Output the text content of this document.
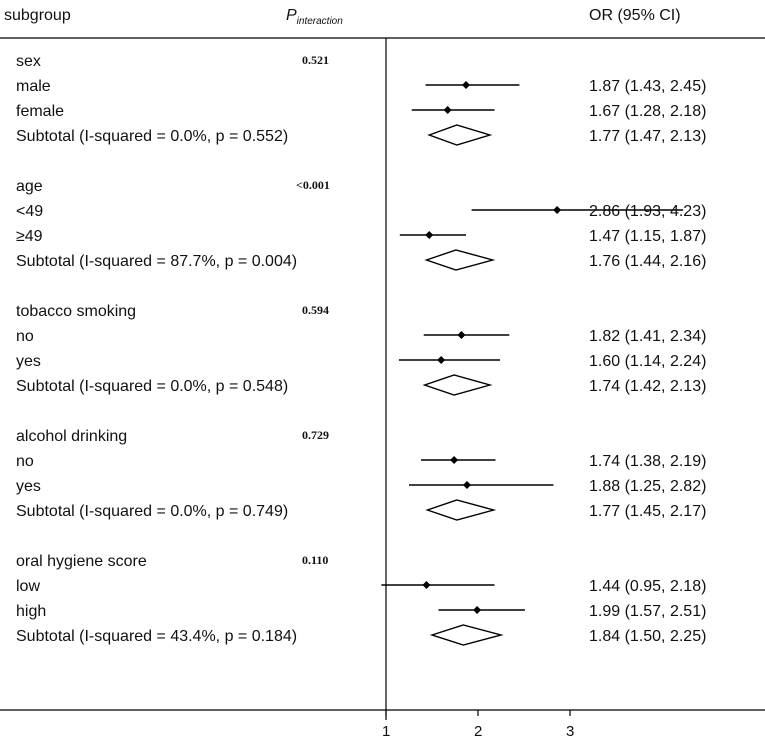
subgroup	$P_{interaction}$	OR (95% CI)
1	2	3
sex	0.521
male	1.87 (1.43, 2.45)
female	1.67 (1.28, 2.18)
Subtotal (I-squared = 0.0%, p = 0.552)	1.77 (1.47, 2.13)
age	<0.001
<49	2.86 (1.93, 4.23)
≥49	1.47 (1.15, 1.87)
Subtotal (I-squared = 87.7%, p = 0.004)	1.76 (1.44, 2.16)
tobacco smoking	0.594
no	1.82 (1.41, 2.34)
yes	1.60 (1.14, 2.24)
Subtotal (I-squared = 0.0%, p = 0.548)	1.74 (1.42, 2.13)
alcohol drinking	0.729
no	1.74 (1.38, 2.19)
yes	1.88 (1.25, 2.82)
Subtotal (I-squared = 0.0%, p = 0.749)	1.77 (1.45, 2.17)
oral hygiene score	0.110
low	1.44 (0.95, 2.18)
high	1.99 (1.57, 2.51)
Subtotal (I-squared = 43.4%, p = 0.184)	1.84 (1.50, 2.25)
